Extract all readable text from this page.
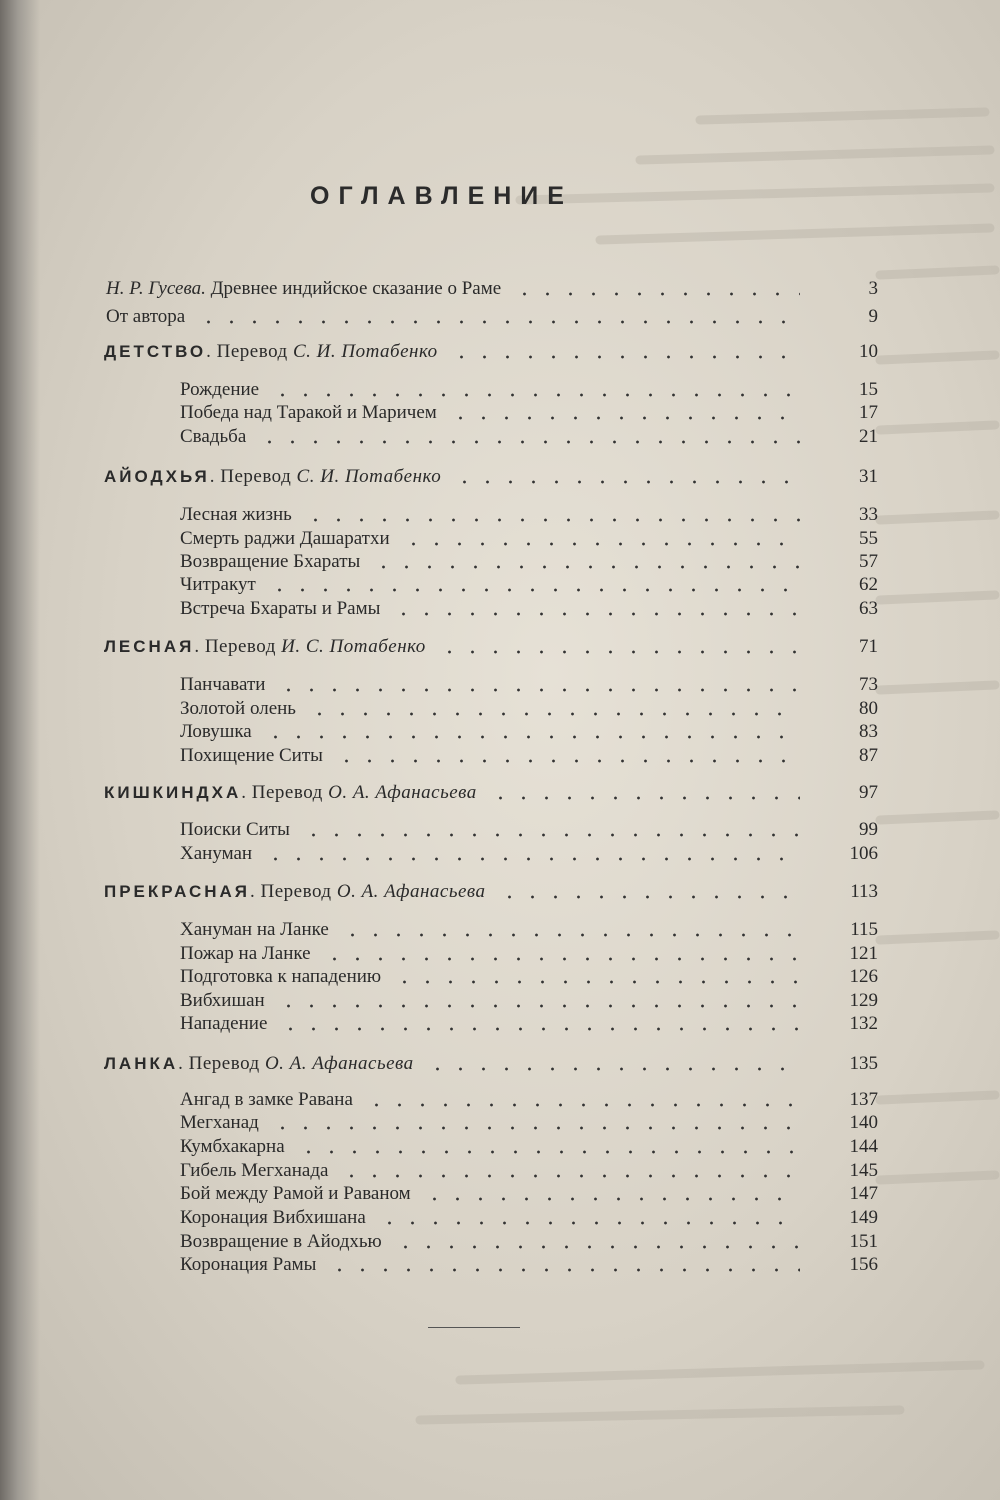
ОГЛАВЛЕНИЕ
Н. Р. Гусева. Древнее индийское сказание о Раме	3
От автора	9
ДЕТСТВО. Перевод С. И. Потабенко	10
Рождение	15
Победа над Таракой и Маричем	17
Свадьба	21
АЙОДХЬЯ. Перевод С. И. Потабенко	31
Лесная жизнь	33
Смерть раджи Дашаратхи	55
Возвращение Бхараты	57
Читракут	62
Встреча Бхараты и Рамы	63
ЛЕСНАЯ. Перевод И. С. Потабенко	71
Панчавати	73
Золотой олень	80
Ловушка	83
Похищение Ситы	87
КИШКИНДХА. Перевод О. А. Афанасьева	97
Поиски Ситы	99
Хануман	106
ПРЕКРАСНАЯ. Перевод О. А. Афанасьева	113
Хануман на Ланке	115
Пожар на Ланке	121
Подготовка к нападению	126
Вибхишан	129
Нападение	132
ЛАНКА. Перевод О. А. Афанасьева	135
Ангад в замке Равана	137
Мегханад	140
Кумбхакарна	144
Гибель Мегханада	145
Бой между Рамой и Раваном	147
Коронация Вибхишана	149
Возвращение в Айодхью	151
Коронация Рамы	156
